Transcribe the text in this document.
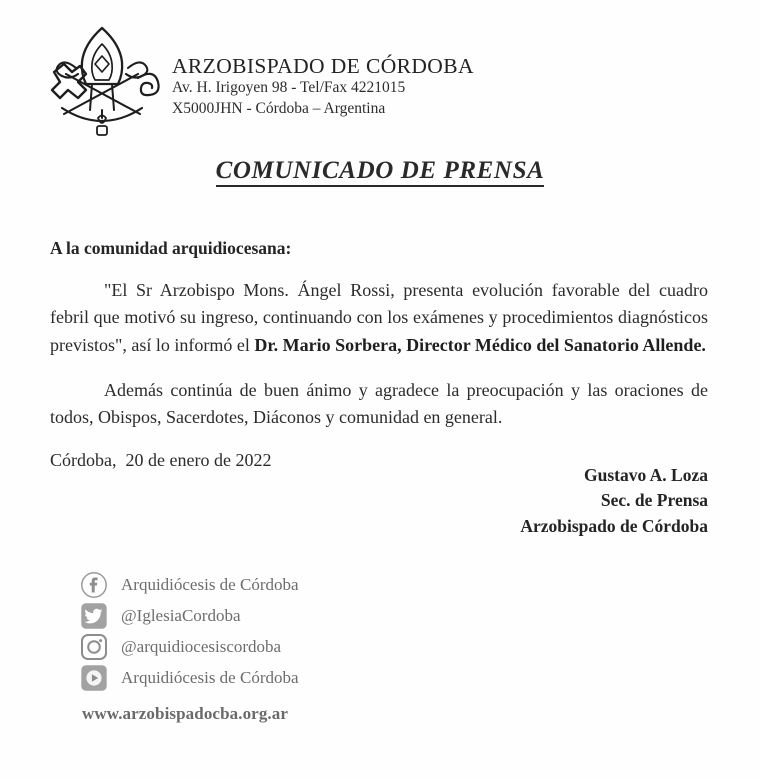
ARZOBISPADO DE CÓRDOBA
Av. H. Irigoyen 98 - Tel/Fax 4221015
X5000JHN - Córdoba – Argentina
COMUNICADO DE PRENSA
A la comunidad arquidiocesana:

"El Sr Arzobispo Mons. Ángel Rossi, presenta evolución favorable del cuadro febril que motivó su ingreso, continuando con los exámenes y procedimientos diagnósticos previstos", así lo informó el Dr. Mario Sorbera, Director Médico del Sanatorio Allende.

Además continúa de buen ánimo y agradece la preocupación y las oraciones de todos, Obispos, Sacerdotes, Diáconos y comunidad en general.

Córdoba,  20 de enero de 2022
Gustavo A. Loza
Sec. de Prensa
Arzobispado de Córdoba
Arquidiócesis de Córdoba
@IglesiaCordoba
@arquidiocesiscordoba
Arquidiócesis de Córdoba
www.arzobispadocba.org.ar
